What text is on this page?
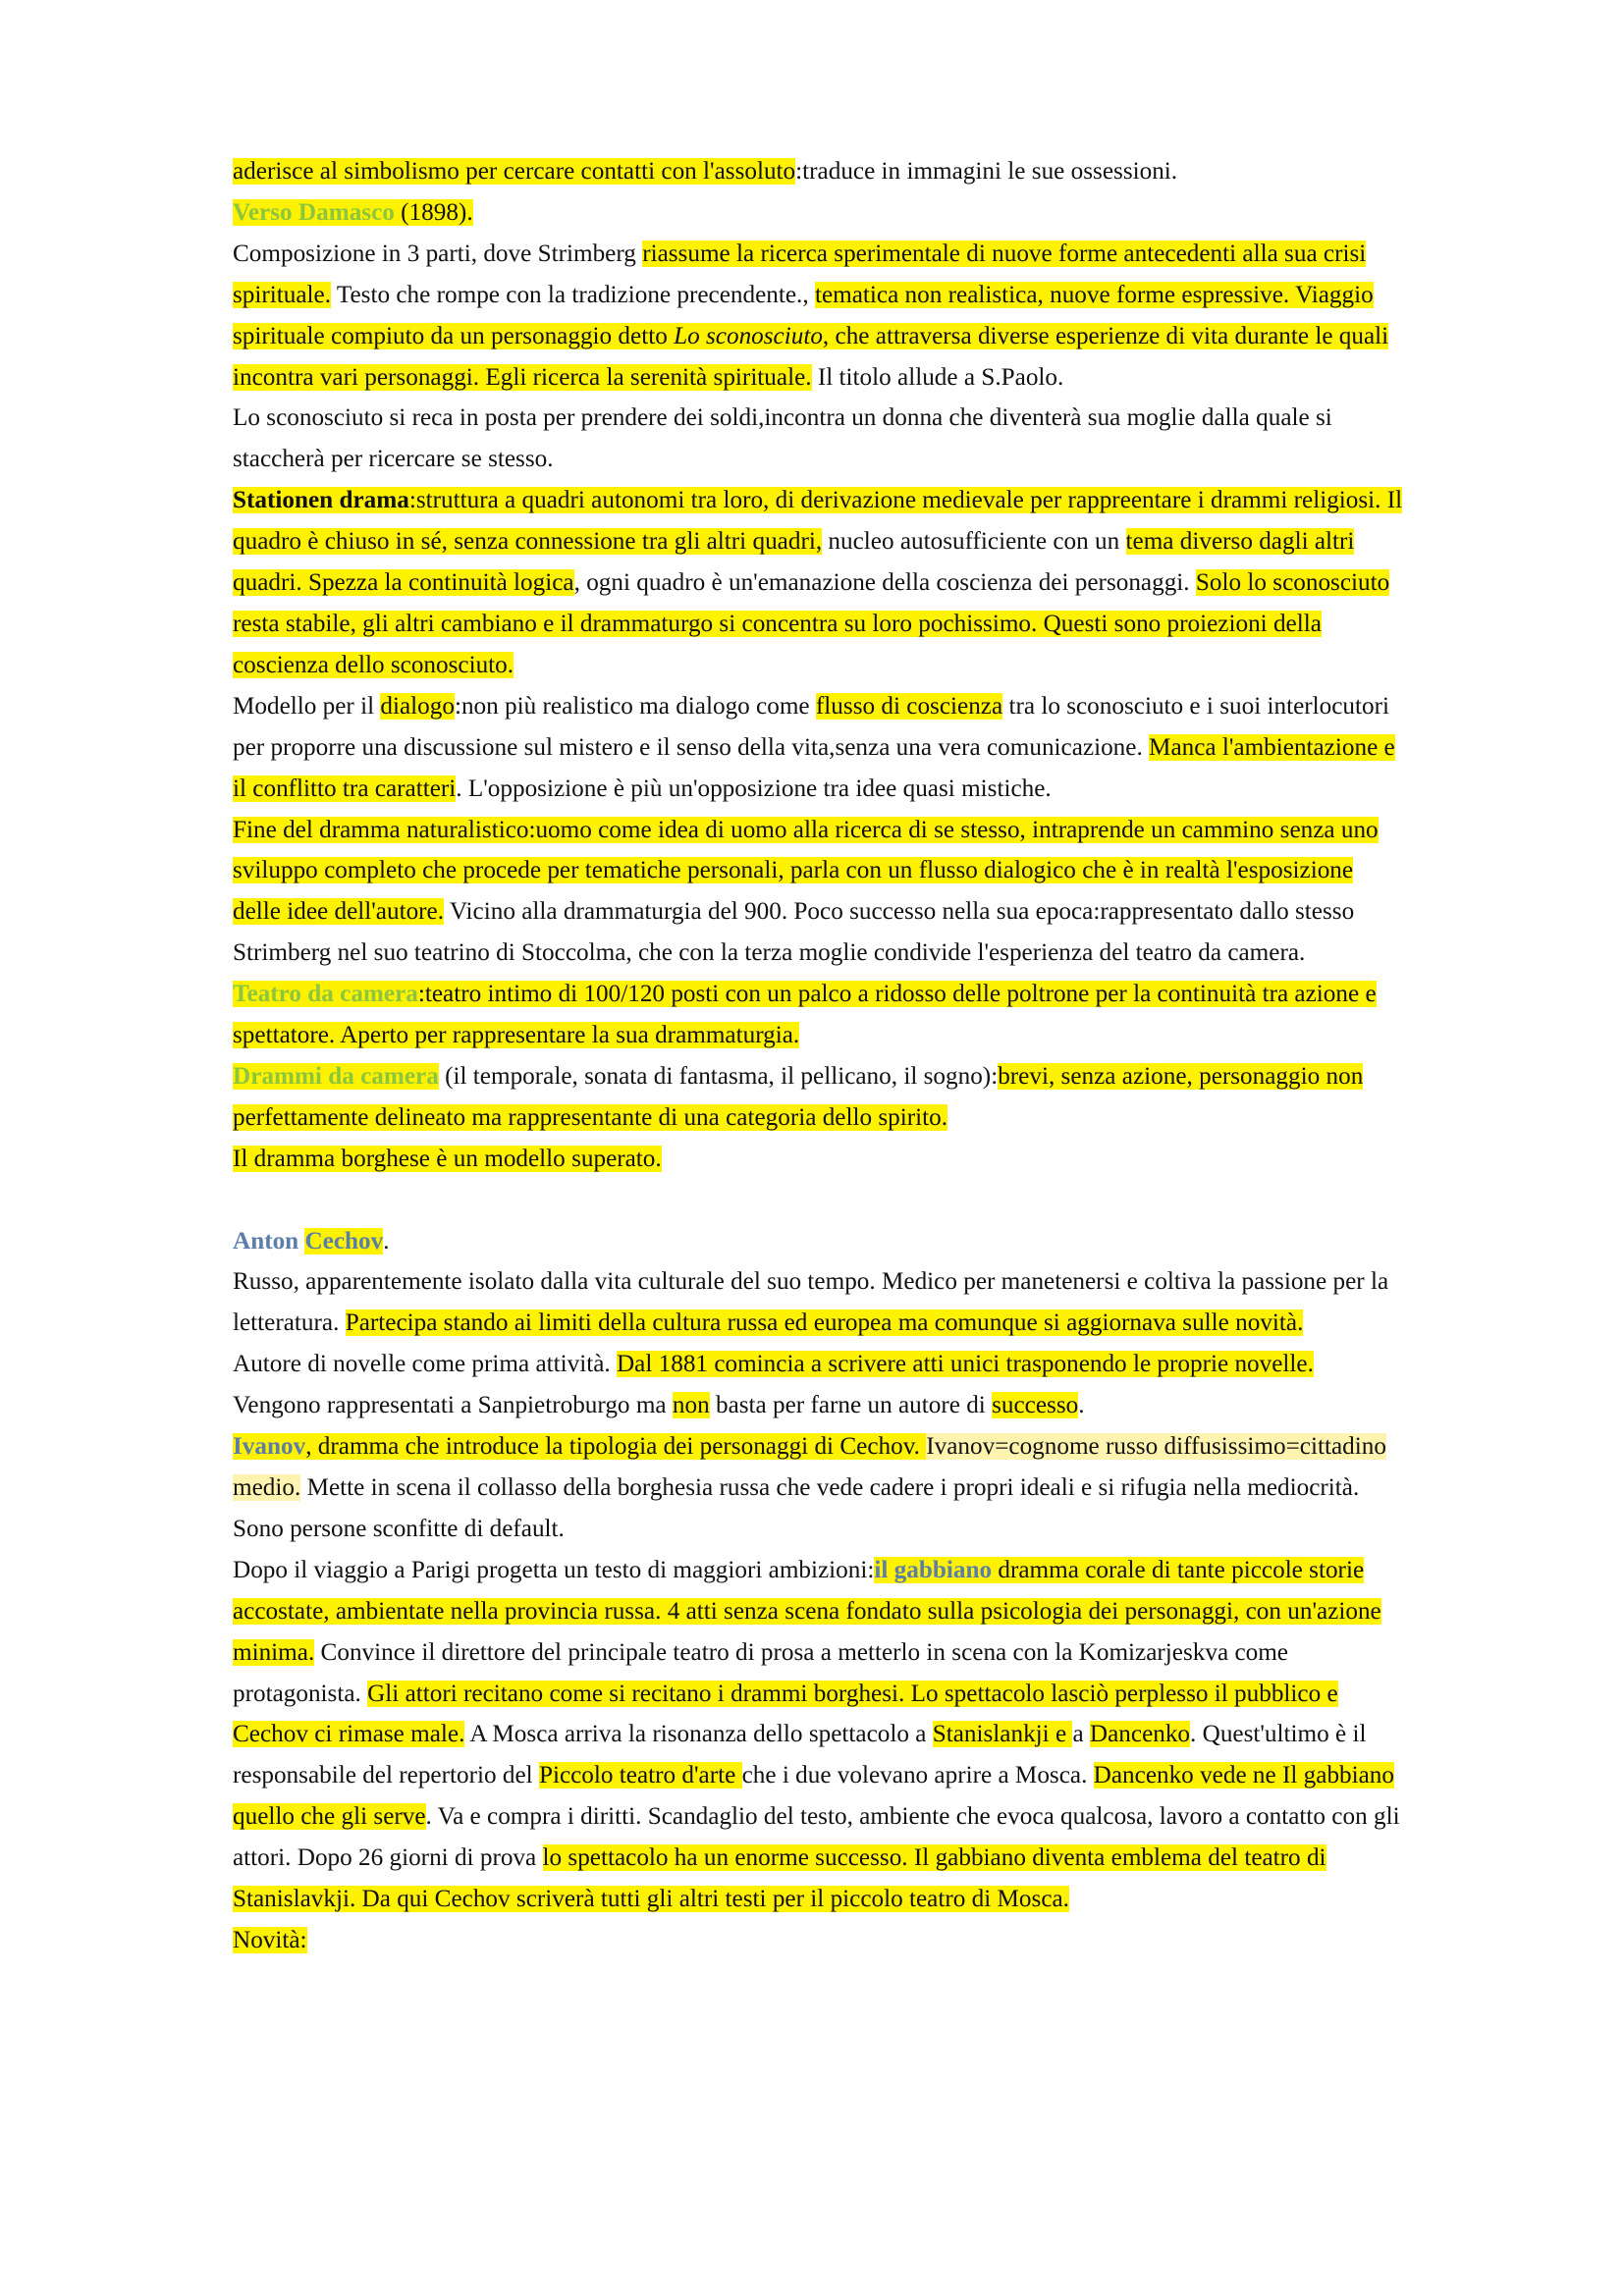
aderisce al simbolismo per cercare contatti con l'assoluto:traduce in immagini le sue ossessioni.

Verso Damasco (1898).

Composizione in 3 parti, dove Strimberg riassume la ricerca sperimentale di nuove forme antecedenti alla sua crisi spirituale. Testo che rompe con la tradizione precendente., tematica non realistica, nuove forme espressive. Viaggio spirituale compiuto da un personaggio detto Lo sconosciuto, che attraversa diverse esperienze di vita durante le quali incontra vari personaggi. Egli ricerca la serenità spirituale. Il titolo allude a S.Paolo.

Lo sconosciuto si reca in posta per prendere dei soldi,incontra un donna che diventerà sua moglie dalla quale si staccherà per ricercare se stesso.

Stationen drama:struttura a quadri autonomi tra loro, di derivazione medievale per rappreentare i drammi religiosi. Il quadro è chiuso in sé, senza connessione tra gli altri quadri, nucleo autosufficiente con un tema diverso dagli altri quadri. Spezza la continuità logica, ogni quadro è un'emanazione della coscienza dei personaggi. Solo lo sconosciuto resta stabile, gli altri cambiano e il drammaturgo si concentra su loro pochissimo. Questi sono proiezioni della coscienza dello sconosciuto.

Modello per il dialogo:non più realistico ma dialogo come flusso di coscienza tra lo sconosciuto e i suoi interlocutori per proporre una discussione sul mistero e il senso della vita,senza una vera comunicazione. Manca l'ambientazione e il conflitto tra caratteri. L'opposizione è più un'opposizione tra idee quasi mistiche.

Fine del dramma naturalistico:uomo come idea di uomo alla ricerca di se stesso, intraprende un cammino senza uno sviluppo completo che procede per tematiche personali, parla con un flusso dialogico che è in realtà l'esposizione delle idee dell'autore. Vicino alla drammaturgia del 900. Poco successo nella sua epoca:rappresentato dallo stesso Strimberg nel suo teatrino di Stoccolma, che con la terza moglie condivide l'esperienza del teatro da camera.

Teatro da camera:teatro intimo di 100/120 posti con un palco a ridosso delle poltrone per la continuità tra azione e spettatore. Aperto per rappresentare la sua drammaturgia.

Drammi da camera (il temporale, sonata di fantasma, il pellicano, il sogno):brevi, senza azione, personaggio non perfettamente delineato ma rappresentante di una categoria dello spirito.

Il dramma borghese è un modello superato.

Anton Cechov.

Russo, apparentemente isolato dalla vita culturale del suo tempo. Medico per manetenersi e coltiva la passione per la letteratura. Partecipa stando ai limiti della cultura russa ed europea ma comunque si aggiornava sulle novità.

Autore di novelle come prima attività. Dal 1881 comincia a scrivere atti unici trasponendo le proprie novelle. Vengono rappresentati a Sanpietroburgo ma non basta per farne un autore di successo.

Ivanov, dramma che introduce la tipologia dei personaggi di Cechov. Ivanov=cognome russo diffusissimo=cittadino medio. Mette in scena il collasso della borghesia russa che vede cadere i propri ideali e si rifugia nella mediocrità. Sono persone sconfitte di default.

Dopo il viaggio a Parigi progetta un testo di maggiori ambizioni:il gabbiano dramma corale di tante piccole storie accostate, ambientate nella provincia russa. 4 atti senza scena fondato sulla psicologia dei personaggi, con un'azione minima. Convince il direttore del principale teatro di prosa a metterlo in scena con la Komizarjeskva come protagonista. Gli attori recitano come si recitano i drammi borghesi. Lo spettacolo lasciò perplesso il pubblico e Cechov ci rimase male. A Mosca arriva la risonanza dello spettacolo a Stanislankji e a Dancenko. Quest'ultimo è il responsabile del repertorio del Piccolo teatro d'arte che i due volevano aprire a Mosca. Dancenko vede ne Il gabbiano quello che gli serve. Va e compra i diritti. Scandaglio del testo, ambiente che evoca qualcosa, lavoro a contatto con gli attori. Dopo 26 giorni di prova lo spettacolo ha un enorme successo. Il gabbiano diventa emblema del teatro di Stanislavkji. Da qui Cechov scriverà tutti gli altri testi per il piccolo teatro di Mosca.

Novità:
